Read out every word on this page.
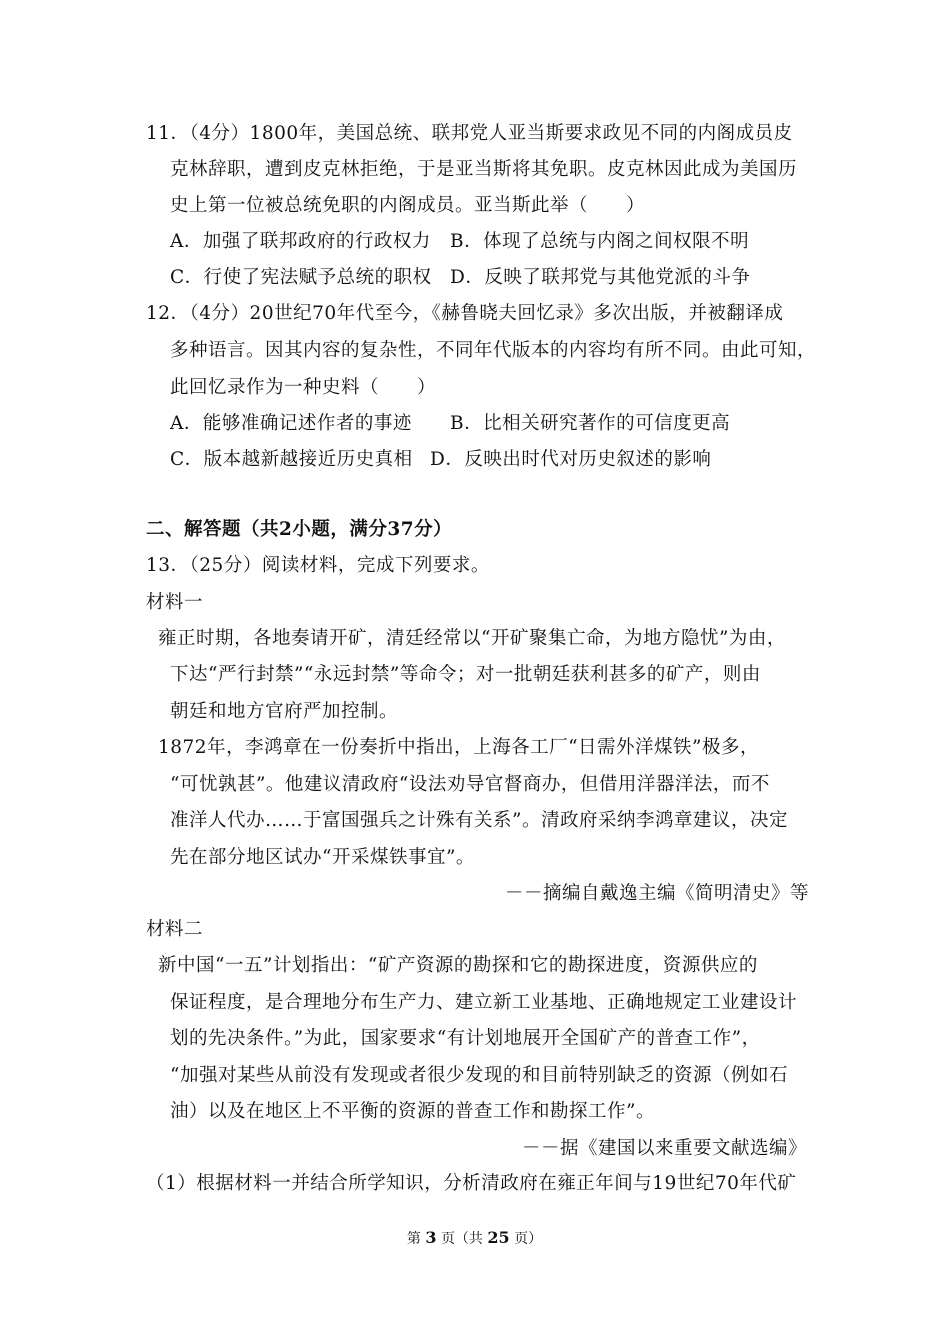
11．（4分）1800年，美国总统、联邦党人亚当斯要求政见不同的内阁成员皮
克林辞职，遭到皮克林拒绝，于是亚当斯将其免职。皮克林因此成为美国历
史上第一位被总统免职的内阁成员。亚当斯此举（　　）
A．加强了联邦政府的行政权力 B．体现了总统与内阁之间权限不明
C．行使了宪法赋予总统的职权 D．反映了联邦党与其他党派的斗争
12．（4分）20世纪70年代至今，《赫鲁晓夫回忆录》多次出版，并被翻译成
多种语言。因其内容的复杂性，不同年代版本的内容均有所不同。由此可知，
此回忆录作为一种史料（　　）
A．能够准确记述作者的事迹 B．比相关研究著作的可信度更高
C．版本越新越接近历史真相 D．反映出时代对历史叙述的影响
二、解答题（共2小题，满分37分）
13．（25分）阅读材料，完成下列要求。
材料一
雍正时期，各地奏请开矿，清廷经常以“开矿聚集亡命，为地方隐忧”为由，
下达“严行封禁”“永远封禁”等命令；对一批朝廷获利甚多的矿产，则由
朝廷和地方官府严加控制。
1872年，李鸿章在一份奏折中指出，上海各工厂“日需外洋煤铁”极多，
“可忧孰甚”。他建议清政府“设法劝导官督商办，但借用洋器洋法，而不
准洋人代办……于富国强兵之计殊有关系”。清政府采纳李鸿章建议，决定
先在部分地区试办“开采煤铁事宜”。
－－摘编自戴逸主编《简明清史》等
材料二
新中国“一五”计划指出：“矿产资源的勘探和它的勘探进度，资源供应的
保证程度，是合理地分布生产力、建立新工业基地、正确地规定工业建设计
划的先决条件。”为此，国家要求“有计划地展开全国矿产的普查工作”，
“加强对某些从前没有发现或者很少发现的和目前特别缺乏的资源（例如石
油）以及在地区上不平衡的资源的普查工作和勘探工作”。
－－据《建国以来重要文献选编》
（1）根据材料一并结合所学知识，分析清政府在雍正年间与19世纪70年代矿
第 3 页（共 25 页）
